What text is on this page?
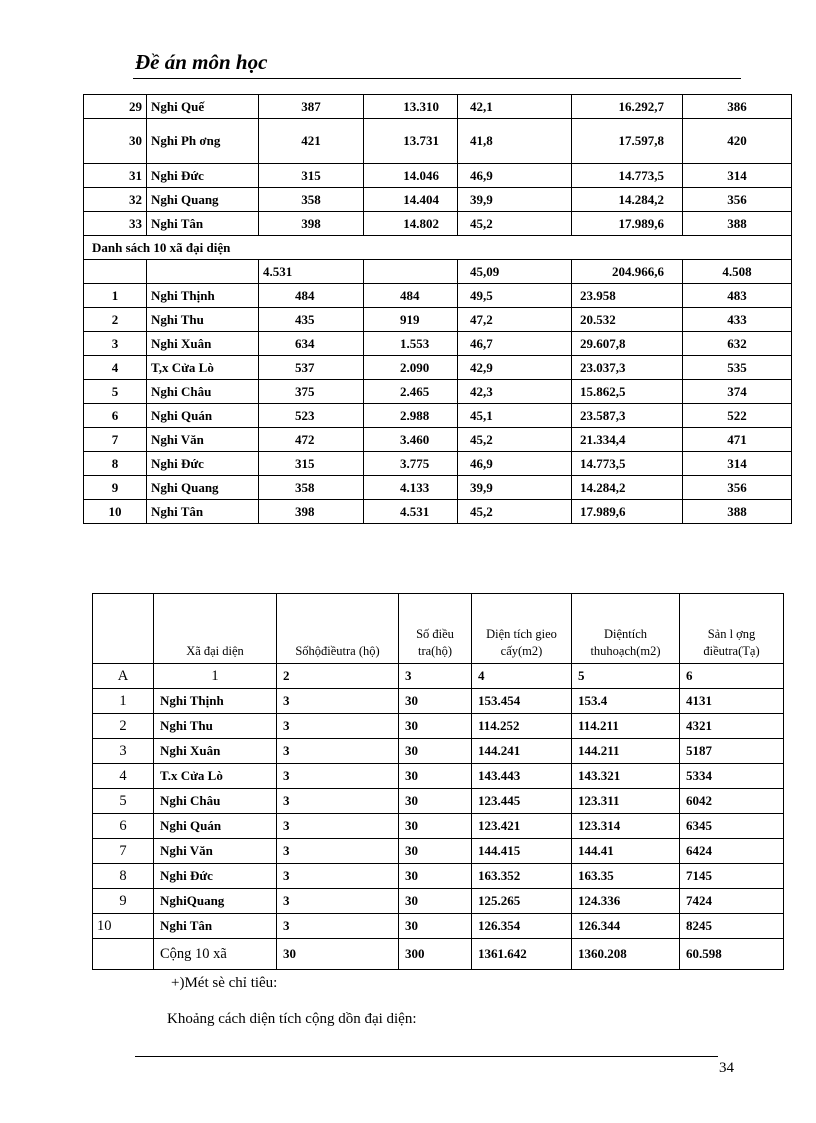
Đề án môn học
29	Nghi Quế	387	13.310	42,1	16.292,7	386
30	Nghi Ph ơng	421	13.731	41,8	17.597,8	420
31	Nghi Đức	315	14.046	46,9	14.773,5	314
32	Nghi Quang	358	14.404	39,9	14.284,2	356
33	Nghi Tân	398	14.802	45,2	17.989,6	388
Danh sách 10 xã đại diện						
		4.531		45,09	204.966,6	4.508
1	Nghi Thịnh	484	484	49,5	23.958	483
2	Nghi Thu	435	919	47,2	20.532	433
3	Nghi Xuân	634	1.553	46,7	29.607,8	632
4	T,x Cửa Lò	537	2.090	42,9	23.037,3	535
5	Nghi Châu	375	2.465	42,3	15.862,5	374
6	Nghi Quán	523	2.988	45,1	23.587,3	522
7	Nghi Văn	472	3.460	45,2	21.334,4	471
8	Nghi Đức	315	3.775	46,9	14.773,5	314
9	Nghi Quang	358	4.133	39,9	14.284,2	356
10	Nghi Tân	398	4.531	45,2	17.989,6	388
	Xã đại diện	Sốhộđiềutra (hộ)	Số điều tra(hộ)	Diện tích gieo cấy(m2)	Diệntích thuhoạch(m2)	Sản l ợng điềutra(Tạ)
A	1	2	3	4	5	6
1	Nghi Thịnh	3	30	153.454	153.4	4131
2	Nghi Thu	3	30	114.252	114.211	4321
3	Nghi Xuân	3	30	144.241	144.211	5187
4	T.x Cửa Lò	3	30	143.443	143.321	5334
5	Nghi Châu	3	30	123.445	123.311	6042
6	Nghi Quán	3	30	123.421	123.314	6345
7	Nghi Văn	3	30	144.415	144.41	6424
8	Nghi Đức	3	30	163.352	163.35	7145
9	NghiQuang	3	30	125.265	124.336	7424
10	Nghi Tân	3	30	126.354	126.344	8245
	Cộng 10 xã	30	300	1361.642	1360.208	60.598
+)Mét sè chỉ tiêu:
Khoảng cách diện tích cộng dồn đại diện:
34
